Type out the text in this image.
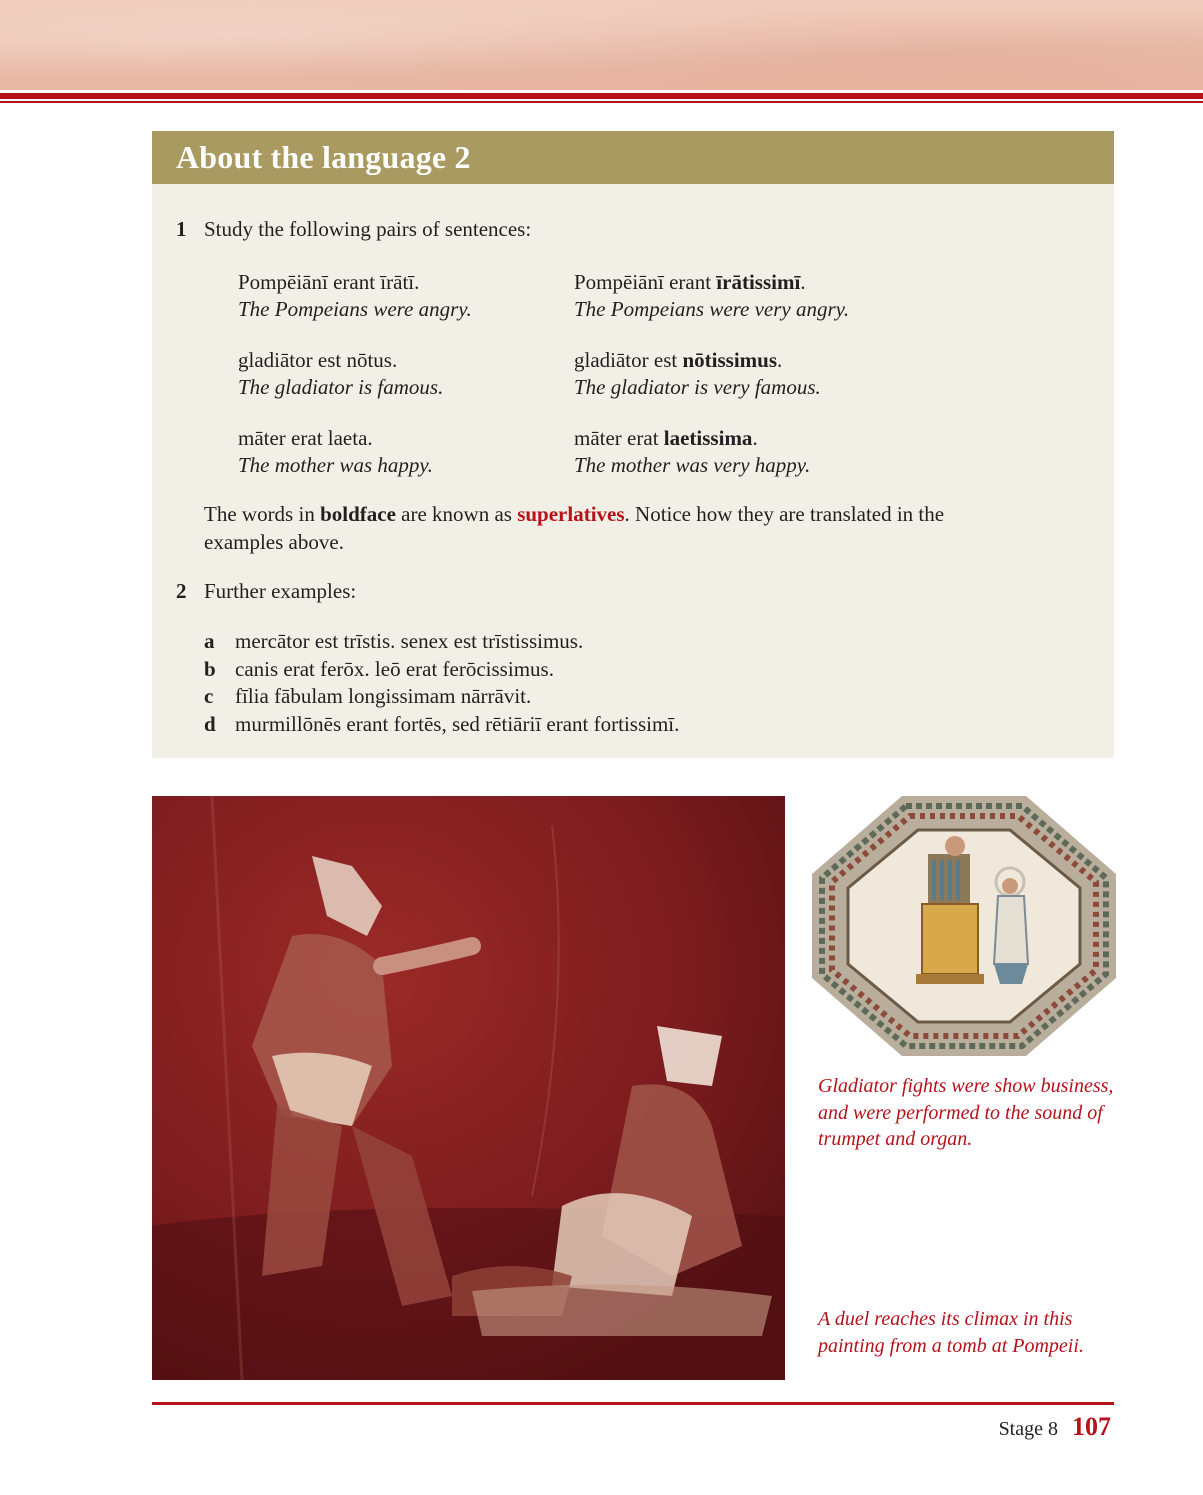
About the language 2
1 Study the following pairs of sentences:
Pompēiānī erant īrātī.
The Pompeians were angry.
Pompēiānī erant īrātissimī.
The Pompeians were very angry.
gladiātor est nōtus.
The gladiator is famous.
gladiātor est nōtissimus.
The gladiator is very famous.
māter erat laeta.
The mother was happy.
māter erat laetissima.
The mother was very happy.

The words in boldface are known as superlatives. Notice how they are translated in the examples above.

2 Further examples:
a mercātor est trīstis. senex est trīstissimus.
b canis erat ferōx. leō erat ferōcissimus.
c	fīlia fābulam longissimam nārrāvit.
d murmillōnēs erant fortēs, sed rētiāriī erant fortissimī.

Gladiator fights were show business, and were performed to the sound of trumpet and organ.

A duel reaches its climax in this painting from a tomb at Pompeii.

Stage 8 107
